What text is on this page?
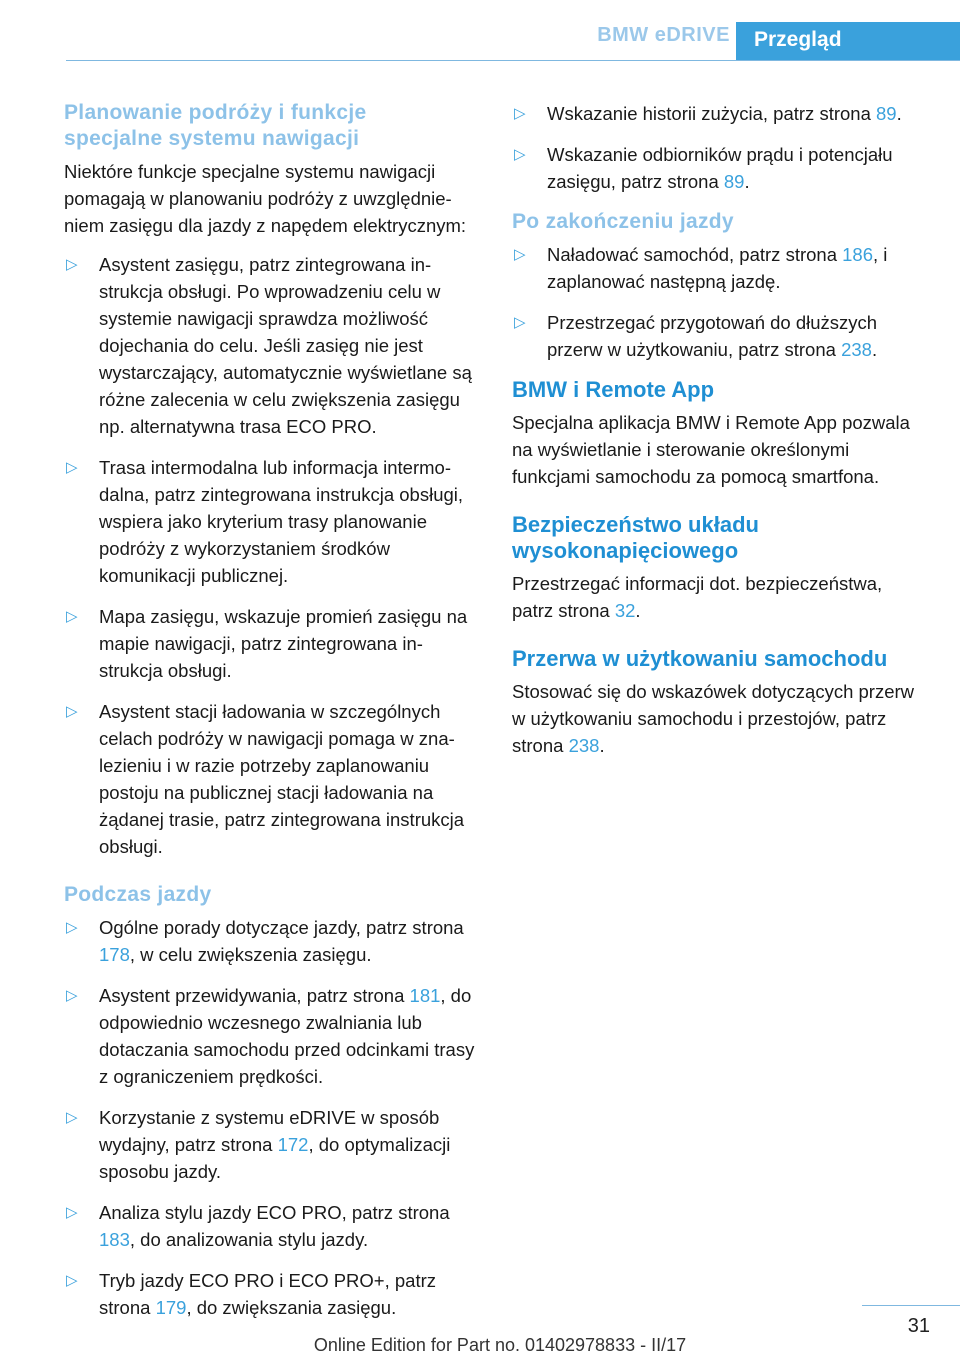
BMW eDRIVE Przegląd
Planowanie podróży i funkcje
specjalne systemu nawigacji

Niektóre funkcje specjalne systemu nawigacji pomagają w planowaniu podróży z uwzględnieniem zasięgu dla jazdy z napędem elektrycznym:

▷ Asystent zasięgu, patrz zintegrowana instrukcja obsługi. Po wprowadzeniu celu w systemie nawigacji sprawdza możliwość dojechania do celu. Jeśli zasięg nie jest wystarczający, automatycznie wyświetlane są różne zalecenia w celu zwiększenia zasięgu np. alternatywna trasa ECO PRO.
▷ Trasa intermodalna lub informacja intermodalna, patrz zintegrowana instrukcja obsługi, wspiera jako kryterium trasy planowanie podróży z wykorzystaniem środków komunikacji publicznej.
▷ Mapa zasięgu, wskazuje promień zasięgu na mapie nawigacji, patrz zintegrowana instrukcja obsługi.
▷ Asystent stacji ładowania w szczególnych celach podróży w nawigacji pomaga w znalezieniu i w razie potrzeby zaplanowaniu postoju na publicznej stacji ładowania na żądanej trasie, patrz zintegrowana instrukcja obsługi.
Podczas jazdy
▷ Ogólne porady dotyczące jazdy, patrz strona 178, w celu zwiększenia zasięgu.
▷ Asystent przewidywania, patrz strona 181, do odpowiednio wczesnego zwalniania lub dotaczania samochodu przed odcinkami trasy z ograniczeniem prędkości.
▷ Korzystanie z systemu eDRIVE w sposób wydajny, patrz strona 172, do optymalizacji sposobu jazdy.
▷ Analiza stylu jazdy ECO PRO, patrz strona 183, do analizowania stylu jazdy.
▷ Tryb jazdy ECO PRO i ECO PRO+, patrz strona 179, do zwiększania zasięgu.
▷ Wskazanie historii zużycia, patrz strona 89.
▷ Wskazanie odbiorników prądu i potencjału zasięgu, patrz strona 89.
Po zakończeniu jazdy
▷ Naładować samochód, patrz strona 186, i zaplanować następną jazdę.
▷ Przestrzegać przygotowań do dłuższych przerw w użytkowaniu, patrz strona 238.
BMW i Remote App

Specjalna aplikacja BMW i Remote App pozwala na wyświetlanie i sterowanie określonymi funkcjami samochodu za pomocą smartfona.

Bezpieczeństwo układu
wysokonapięciowego

Przestrzegać informacji dot. bezpieczeństwa, patrz strona 32.

Przerwa w użytkowaniu samochodu

Stosować się do wskazówek dotyczących przerw w użytkowaniu samochodu i przestojów, patrz strona 238.

31
Online Edition for Part no. 01402978833 - II/17
